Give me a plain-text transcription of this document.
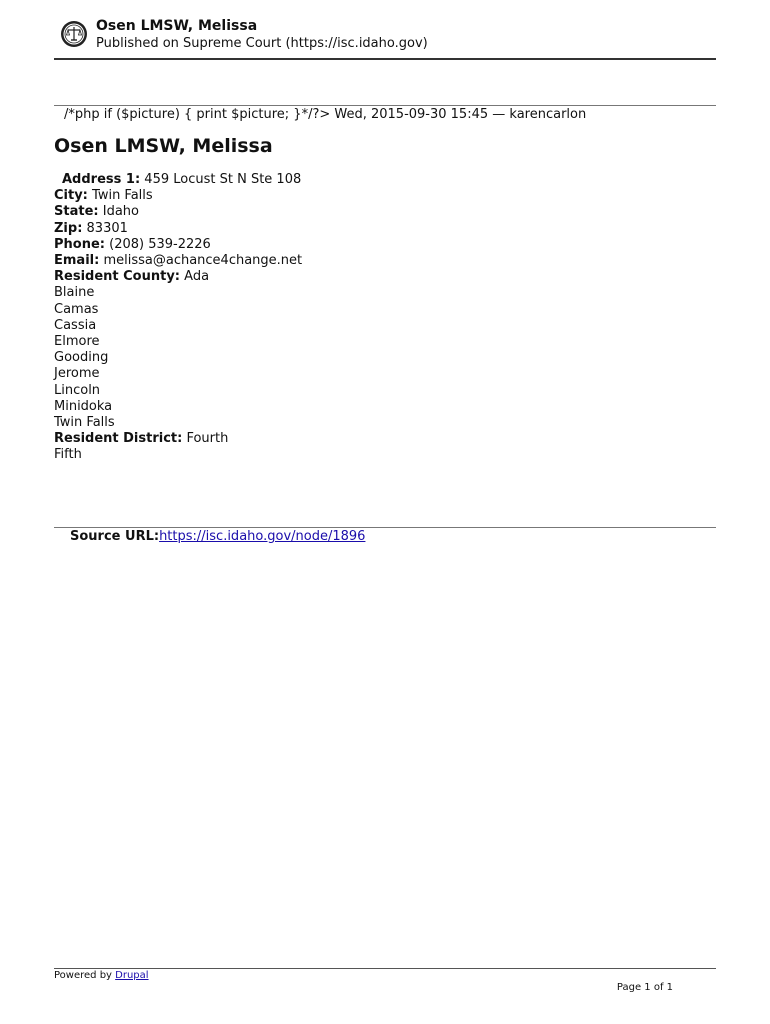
Osen LMSW, Melissa
Published on Supreme Court (https://isc.idaho.gov)
/*php if ($picture) { print $picture; }*/?> Wed, 2015-09-30 15:45 — karencarlon
Osen LMSW, Melissa
Address 1: 459 Locust St N Ste 108
City: Twin Falls
State: Idaho
Zip: 83301
Phone: (208) 539-2226
Email: melissa@achance4change.net
Resident County: Ada
Blaine
Camas
Cassia
Elmore
Gooding
Jerome
Lincoln
Minidoka
Twin Falls
Resident District: Fourth
Fifth
Source URL:https://isc.idaho.gov/node/1896
Powered by Drupal
Page 1 of 1
